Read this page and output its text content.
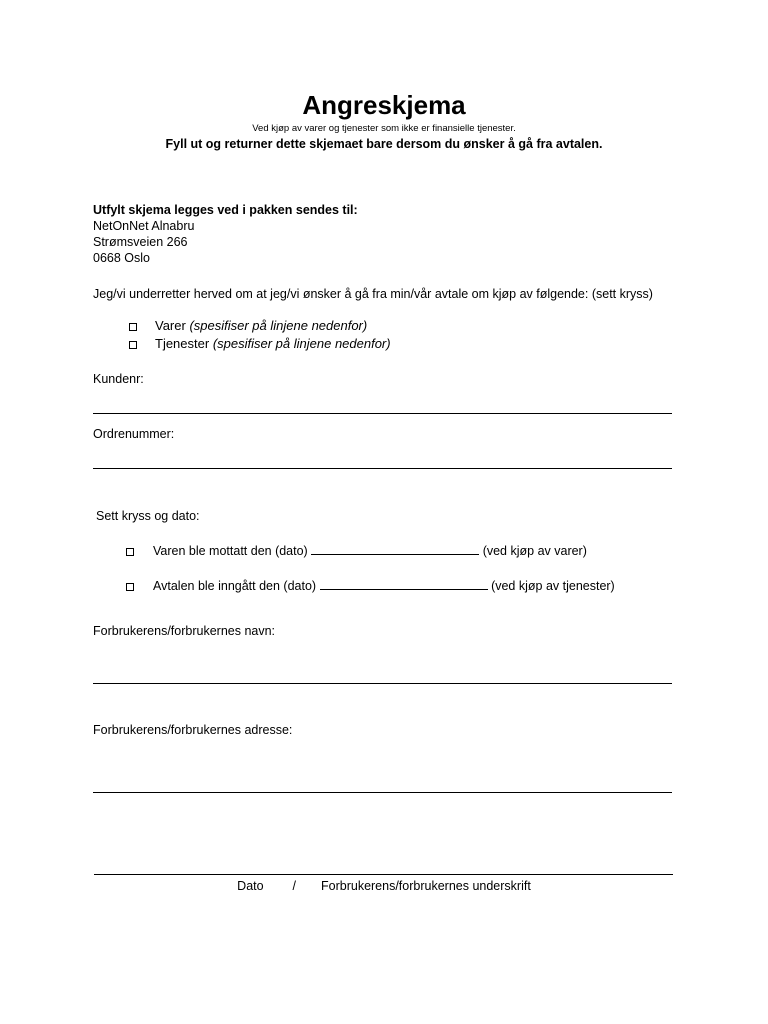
Angreskjema
Ved kjøp av varer og tjenester som ikke er finansielle tjenester.
Fyll ut og returner dette skjemaet bare dersom du ønsker å gå fra avtalen.
Utfylt skjema legges ved i pakken sendes til:
NetOnNet Alnabru
Strømsveien 266
0668 Oslo
Jeg/vi underretter herved om at jeg/vi ønsker å gå fra min/vår avtale om kjøp av følgende: (sett kryss)
Varer (spesifiser på linjene nedenfor)
Tjenester (spesifiser på linjene nedenfor)
Kundenr:
Ordrenummer:
Sett kryss og dato:
Varen ble mottatt den (dato)	(ved kjøp av varer)
Avtalen ble inngått den (dato)	(ved kjøp av tjenester)
Forbrukerens/forbrukernes navn:
Forbrukerens/forbrukernes adresse:
Dato / Forbrukerens/forbrukernes underskrift
